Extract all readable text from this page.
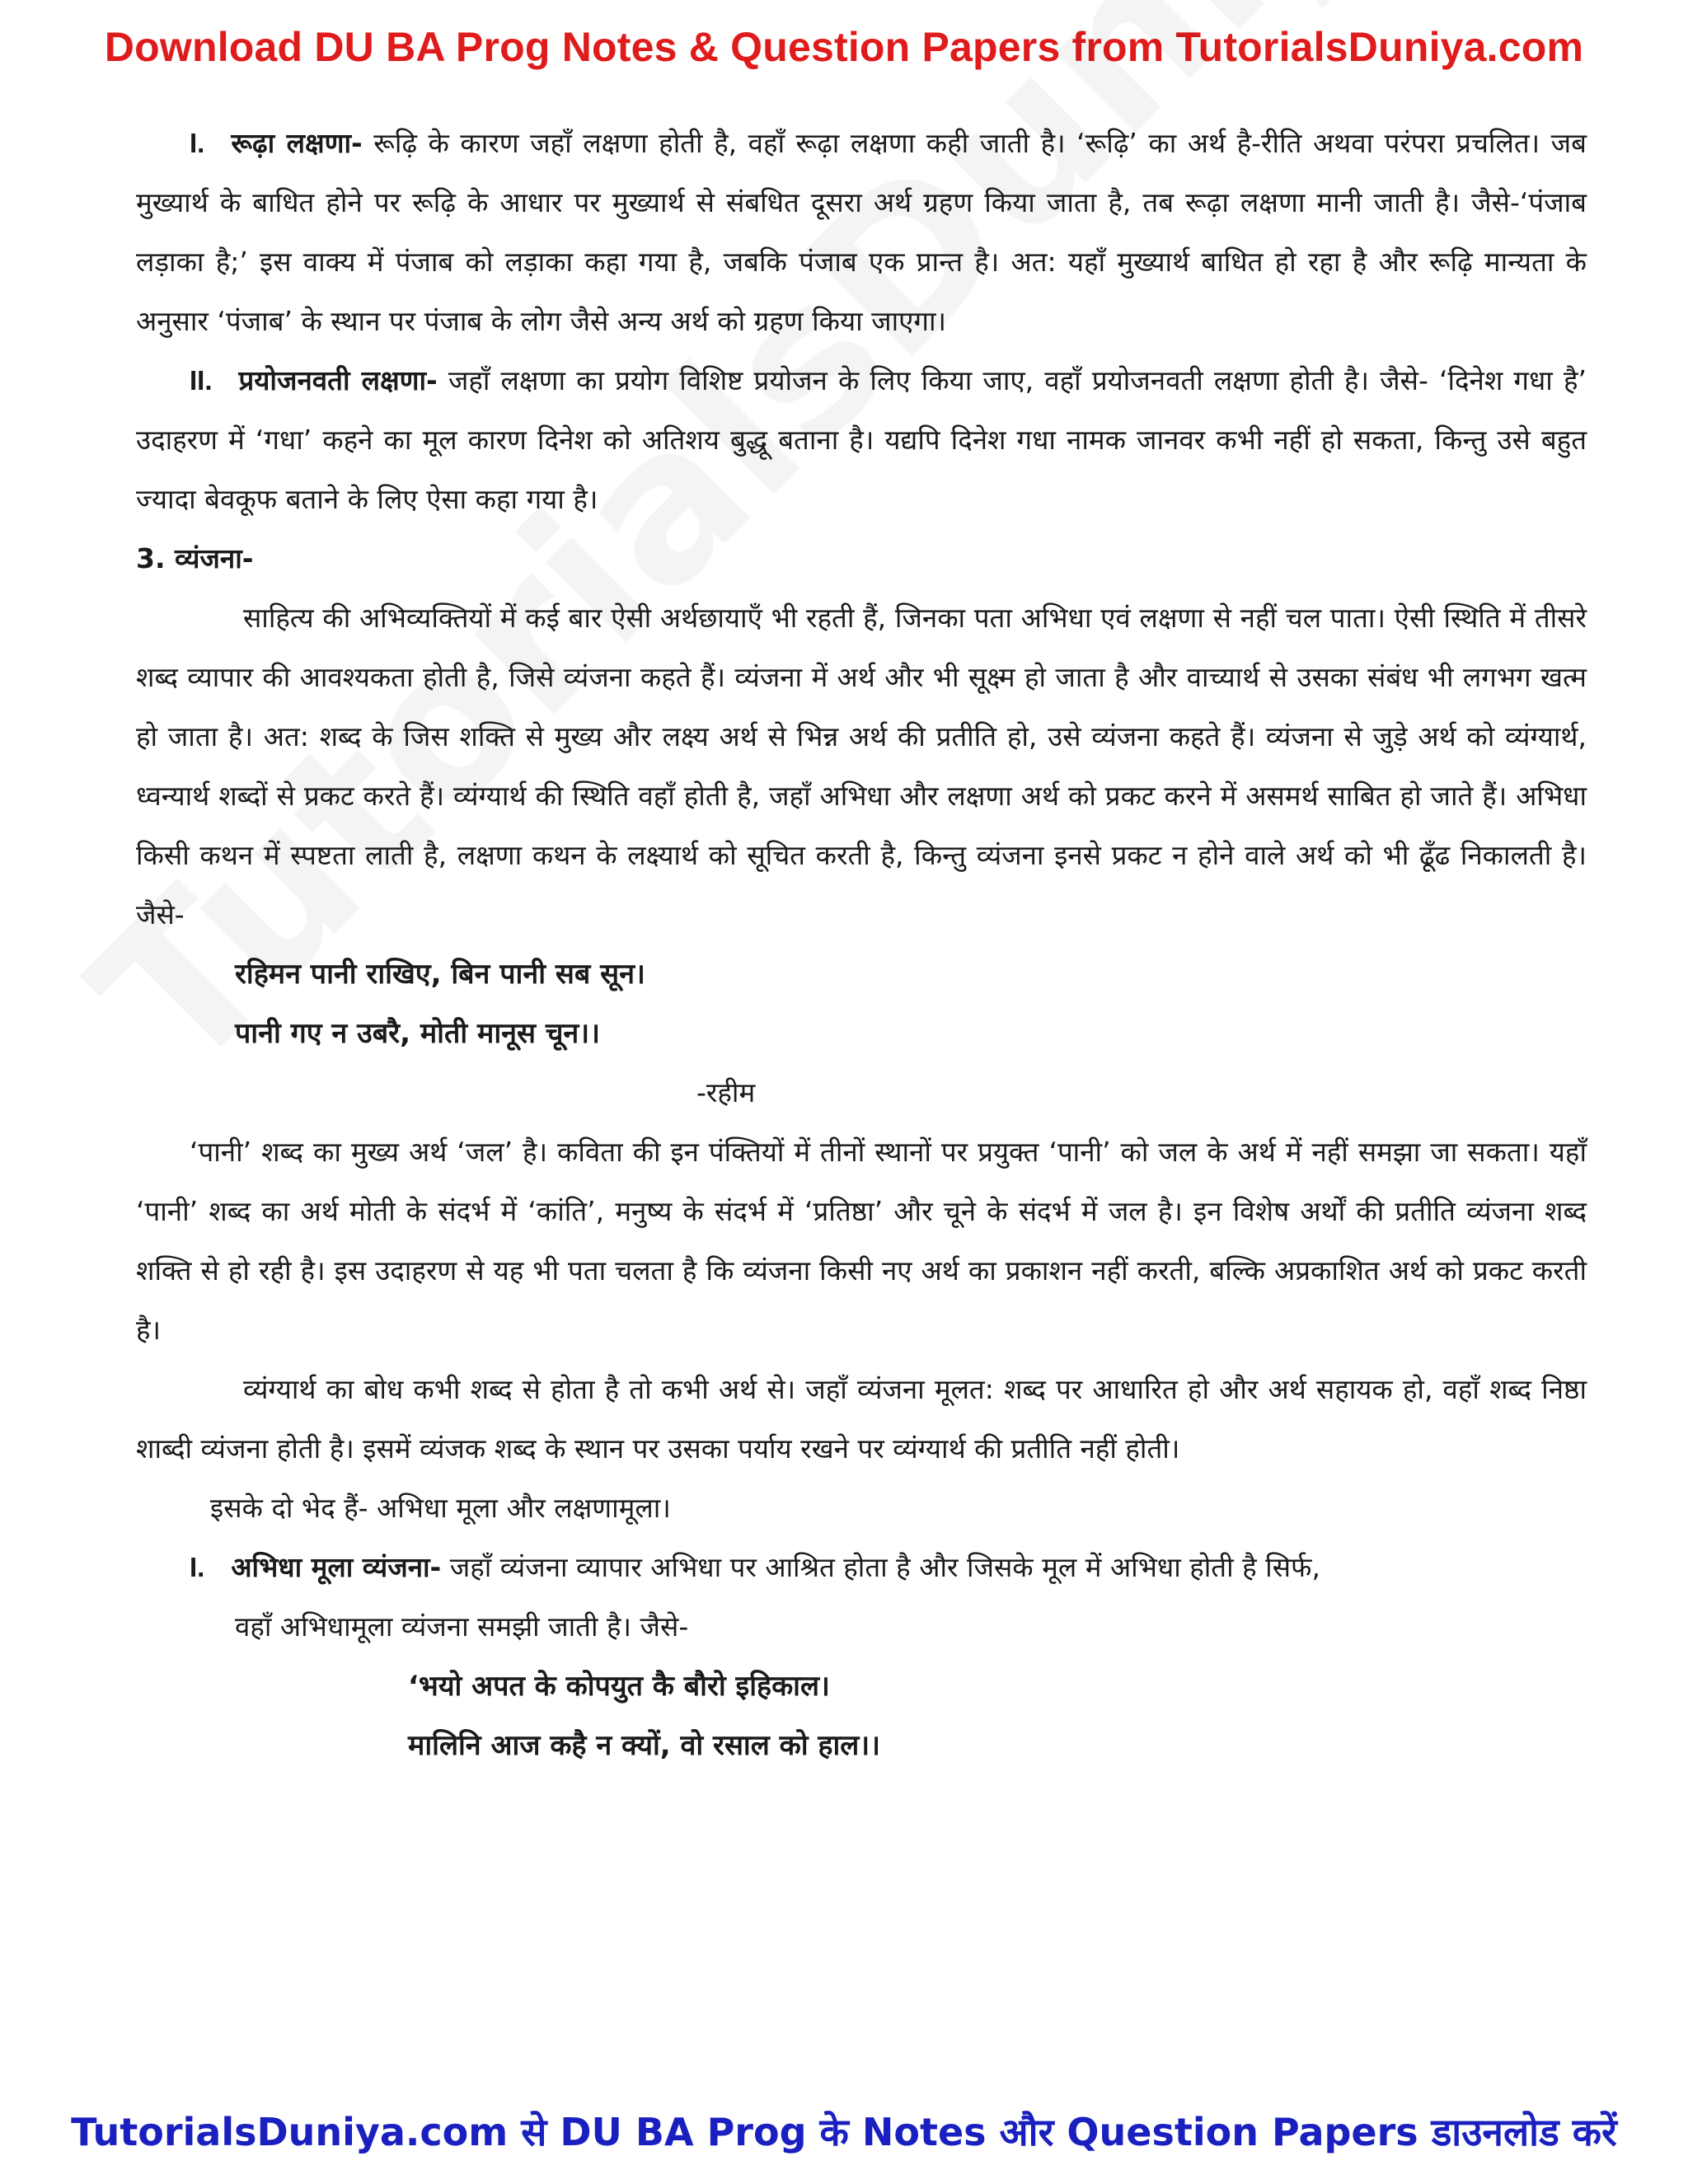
Download DU BA Prog Notes & Question Papers from TutorialsDuniya.com

I. रूढ़ा लक्षणा- रूढ़ि के कारण जहाँ लक्षणा होती है, वहाँ रूढ़ा लक्षणा कही जाती है। ‘रूढ़ि’ का अर्थ है-रीति अथवा परंपरा प्रचलित। जब मुख्यार्थ के बाधित होने पर रूढ़ि के आधार पर मुख्यार्थ से संबधित दूसरा अर्थ ग्रहण किया जाता है, तब रूढ़ा लक्षणा मानी जाती है। जैसे-‘पंजाब लड़ाका है;’ इस वाक्य में पंजाब को लड़ाका कहा गया है, जबकि पंजाब एक प्रान्त है। अत: यहाँ मुख्यार्थ बाधित हो रहा है और रूढ़ि मान्यता के अनुसार ‘पंजाब’ के स्थान पर पंजाब के लोग जैसे अन्य अर्थ को ग्रहण किया जाएगा।

II. प्रयोजनवती लक्षणा- जहाँ लक्षणा का प्रयोग विशिष्ट प्रयोजन के लिए किया जाए, वहाँ प्रयोजनवती लक्षणा होती है। जैसे- ‘दिनेश गधा है’ उदाहरण में ‘गधा’ कहने का मूल कारण दिनेश को अतिशय बुद्धू बताना है। यद्यपि दिनेश गधा नामक जानवर कभी नहीं हो सकता, किन्तु उसे बहुत ज्यादा बेवकूफ बताने के लिए ऐसा कहा गया है।

3. व्यंजना-

साहित्य की अभिव्यक्तियों में कई बार ऐसी अर्थछायाएँ भी रहती हैं, जिनका पता अभिधा एवं लक्षणा से नहीं चल पाता। ऐसी स्थिति में तीसरे शब्द व्यापार की आवश्यकता होती है, जिसे व्यंजना कहते हैं। व्यंजना में अर्थ और भी सूक्ष्म हो जाता है और वाच्यार्थ से उसका संबंध भी लगभग खत्म हो जाता है। अत: शब्द के जिस शक्ति से मुख्य और लक्ष्य अर्थ से भिन्न अर्थ की प्रतीति हो, उसे व्यंजना कहते हैं। व्यंजना से जुड़े अर्थ को व्यंग्यार्थ, ध्वन्यार्थ शब्दों से प्रकट करते हैं। व्यंग्यार्थ की स्थिति वहाँ होती है, जहाँ अभिधा और लक्षणा अर्थ को प्रकट करने में असमर्थ साबित हो जाते हैं। अभिधा किसी कथन में स्पष्टता लाती है, लक्षणा कथन के लक्ष्यार्थ को सूचित करती है, किन्तु व्यंजना इनसे प्रकट न होने वाले अर्थ को भी ढूँढ निकालती है। जैसे-

रहिमन पानी राखिए, बिन पानी सब सून।

पानी गए न उबरै, मोती मानूस चून।।

-रहीम

‘पानी’ शब्द का मुख्य अर्थ ‘जल’ है। कविता की इन पंक्तियों में तीनों स्थानों पर प्रयुक्त ‘पानी’ को जल के अर्थ में नहीं समझा जा सकता। यहाँ ‘पानी’ शब्द का अर्थ मोती के संदर्भ में ‘कांति’, मनुष्य के संदर्भ में ‘प्रतिष्ठा’ और चूने के संदर्भ में जल है। इन विशेष अर्थों की प्रतीति व्यंजना शब्द शक्ति से हो रही है। इस उदाहरण से यह भी पता चलता है कि व्यंजना किसी नए अर्थ का प्रकाशन नहीं करती, बल्कि अप्रकाशित अर्थ को प्रकट करती है।

व्यंग्यार्थ का बोध कभी शब्द से होता है तो कभी अर्थ से। जहाँ व्यंजना मूलत: शब्द पर आधारित हो और अर्थ सहायक हो, वहाँ शब्द निष्ठा शाब्दी व्यंजना होती है। इसमें व्यंजक शब्द के स्थान पर उसका पर्याय रखने पर व्यंग्यार्थ की प्रतीति नहीं होती।

इसके दो भेद हैं- अभिधा मूला और लक्षणामूला।

I. अभिधा मूला व्यंजना- जहाँ व्यंजना व्यापार अभिधा पर आश्रित होता है और जिसके मूल में अभिधा होती है सिर्फ,

वहाँ अभिधामूला व्यंजना समझी जाती है। जैसे-

‘भयो अपत के कोपयुत कै बौरो इहिकाल।

मालिनि आज कहै न क्यों, वो रसाल को हाल।।

TutorialsDuniya.com से DU BA Prog के Notes और Question Papers डाउनलोड करें
